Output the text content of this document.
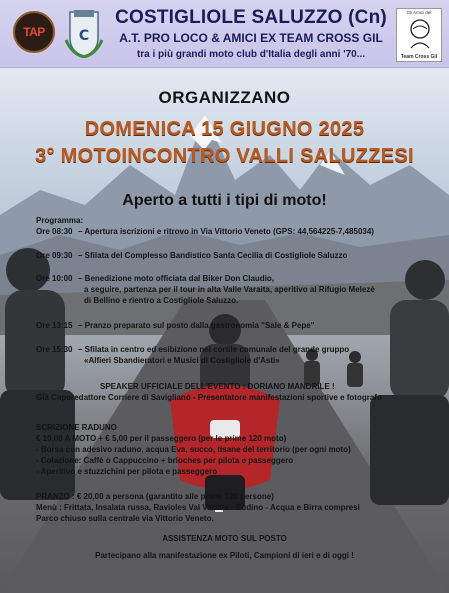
TAP C
COSTIGLIOLE SALUZZO (Cn)
A.T. PRO LOCO & AMICI EX TEAM CROSS GIL
tra i più grandi moto club d'Italia degli anni '70...
Gli Amici del
Team Cross Gil
ORGANIZZANO
DOMENICA 15 GIUGNO 2025
3° MOTOINCONTRO VALLI SALUZZESI
Aperto a tutti i tipi di moto!
Programma:
Ore 08:30 – Apertura iscrizioni e ritrovo in Via Vittorio Veneto (GPS: 44,564225-7,485034)
Ore 09:30 – Sfilata del Complesso Bandistico Santa Cecilia di Costigliole Saluzzo
Ore 10:00 – Benedizione moto officiata dal Biker Don Claudio,
a seguire, partenza per il tour in alta Valle Varaita, aperitivo al Rifugio Melezé
di Bellino e rientro a Costigliole Saluzzo.
Ore 13:15 – Pranzo preparato sul posto dalla gastronomia "Sale & Pepe"
Ore 15:30 – Sfilata in centro ed esibizione nel cortile comunale del grande gruppo
«Alfieri Sbandieratori e Musici di Costigliole d'Asti»
SPEAKER UFFICIALE DELL'EVENTO : DORIANO MANDRILE !
Già Caporedattore Corriere di Savigliano - Presentatore manifestazioni sportive e fotografo
SCRIZIONE RADUNO
€ 10,00 A MOTO + € 5,00 per il passeggero (per le prime 120 moto)
- Borsa con adesivo raduno, acqua Eva, succo, tisane del territorio (per ogni moto)
- Colazione: Caffè o Cappuccino + brioches per pilota e passeggero
- Aperitivo e stuzzichini per pilota e passeggero
PRANZO : € 20,00 a persona (garantito alle prime 120 persone)
Menù : Frittata, Insalata russa, Ravioles Val Varaita - Budino - Acqua e Birra compresi
Parco chiuso sulla centrale via Vittorio Veneto.
ASSISTENZA MOTO SUL POSTO
Partecipano alla manifestazione ex Piloti, Campioni di ieri e di oggi !
